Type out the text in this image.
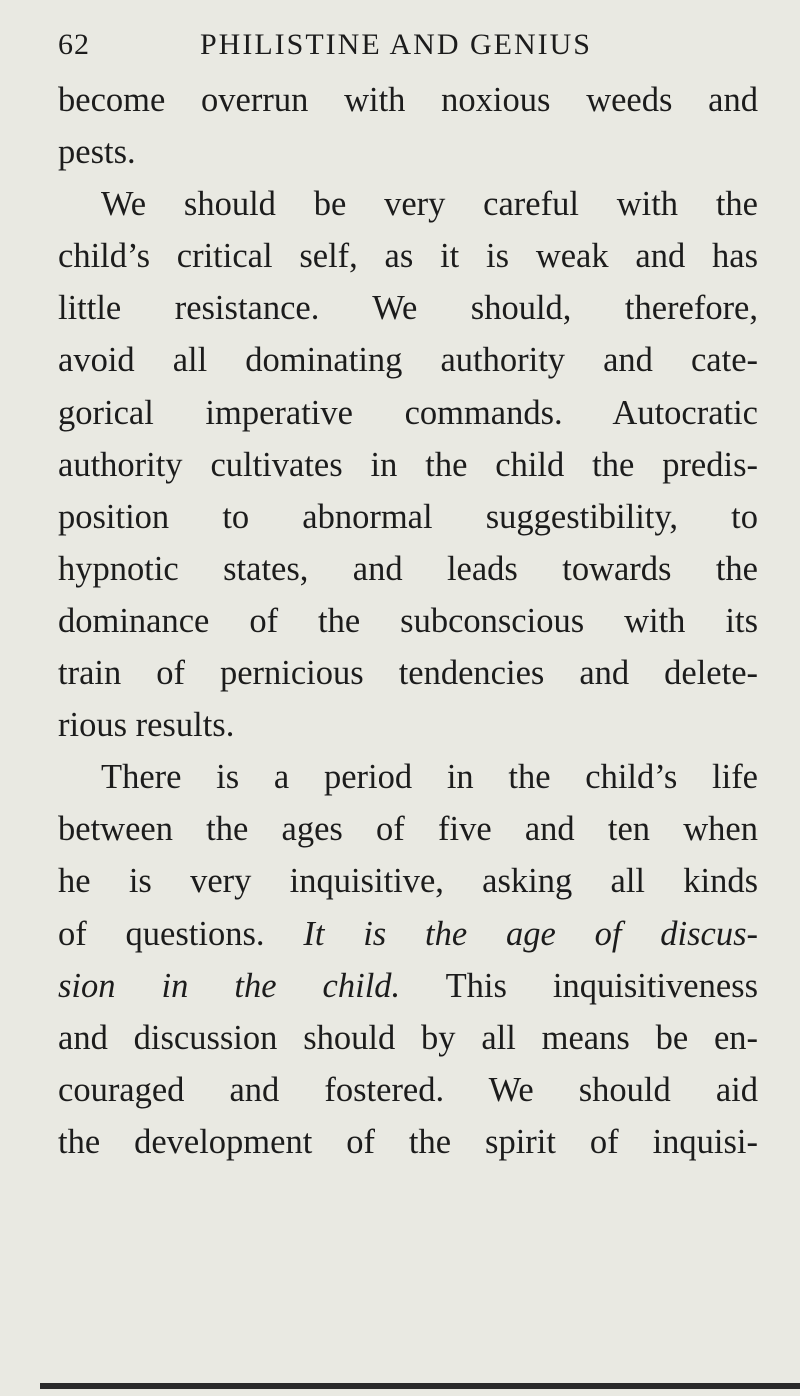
62	PHILISTINE AND GENIUS
become overrun with noxious weeds and
pests.
We should be very careful with the
child’s critical self, as it is weak and has
little resistance. We should, therefore,
avoid all dominating authority and cate-
gorical imperative commands. Autocratic
authority cultivates in the child the predis-
position to abnormal suggestibility, to
hypnotic states, and leads towards the
dominance of the subconscious with its
train of pernicious tendencies and delete-
rious results.
There is a period in the child’s life
between the ages of five and ten when
he is very inquisitive, asking all kinds
of questions. It is the age of discus-
sion in the child. This inquisitiveness
and discussion should by all means be en-
couraged and fostered. We should aid
the development of the spirit of inquisi-
